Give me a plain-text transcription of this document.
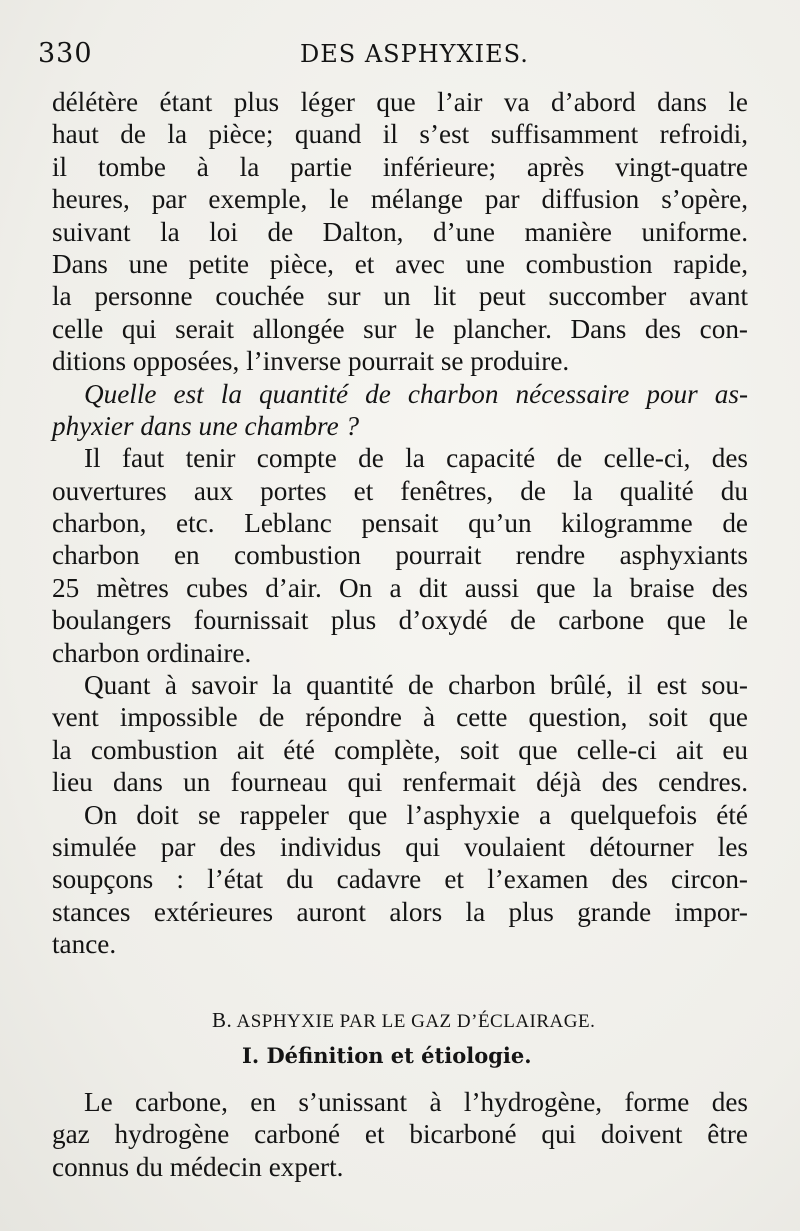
330	DES ASPHYXIES.
délétère étant plus léger que l’air va d’abord dans le
haut de la pièce; quand il s’est suffisamment refroidi,
il tombe à la partie inférieure; après vingt-quatre
heures, par exemple, le mélange par diffusion s’opère,
suivant la loi de Dalton, d’une manière uniforme.
Dans une petite pièce, et avec une combustion rapide,
la personne couchée sur un lit peut succomber avant
celle qui serait allongée sur le plancher. Dans des con-
ditions opposées, l’inverse pourrait se produire.
Quelle est la quantité de charbon nécessaire pour as-
phyxier dans une chambre ?
Il faut tenir compte de la capacité de celle-ci, des
ouvertures aux portes et fenêtres, de la qualité du
charbon, etc. Leblanc pensait qu’un kilogramme de
charbon en combustion pourrait rendre asphyxiants
25 mètres cubes d’air. On a dit aussi que la braise des
boulangers fournissait plus d’oxydé de carbone que le
charbon ordinaire.
Quant à savoir la quantité de charbon brûlé, il est sou-
vent impossible de répondre à cette question, soit que
la combustion ait été complète, soit que celle-ci ait eu
lieu dans un fourneau qui renfermait déjà des cendres.
On doit se rappeler que l’asphyxie a quelquefois été
simulée par des individus qui voulaient détourner les
soupçons : l’état du cadavre et l’examen des circon-
stances extérieures auront alors la plus grande impor-
tance.
B. ASPHYXIE PAR LE GAZ D’ÉCLAIRAGE.
I. Définition et étiologie.
Le carbone, en s’unissant à l’hydrogène, forme des
gaz hydrogène carboné et bicarboné qui doivent être
connus du médecin expert.
